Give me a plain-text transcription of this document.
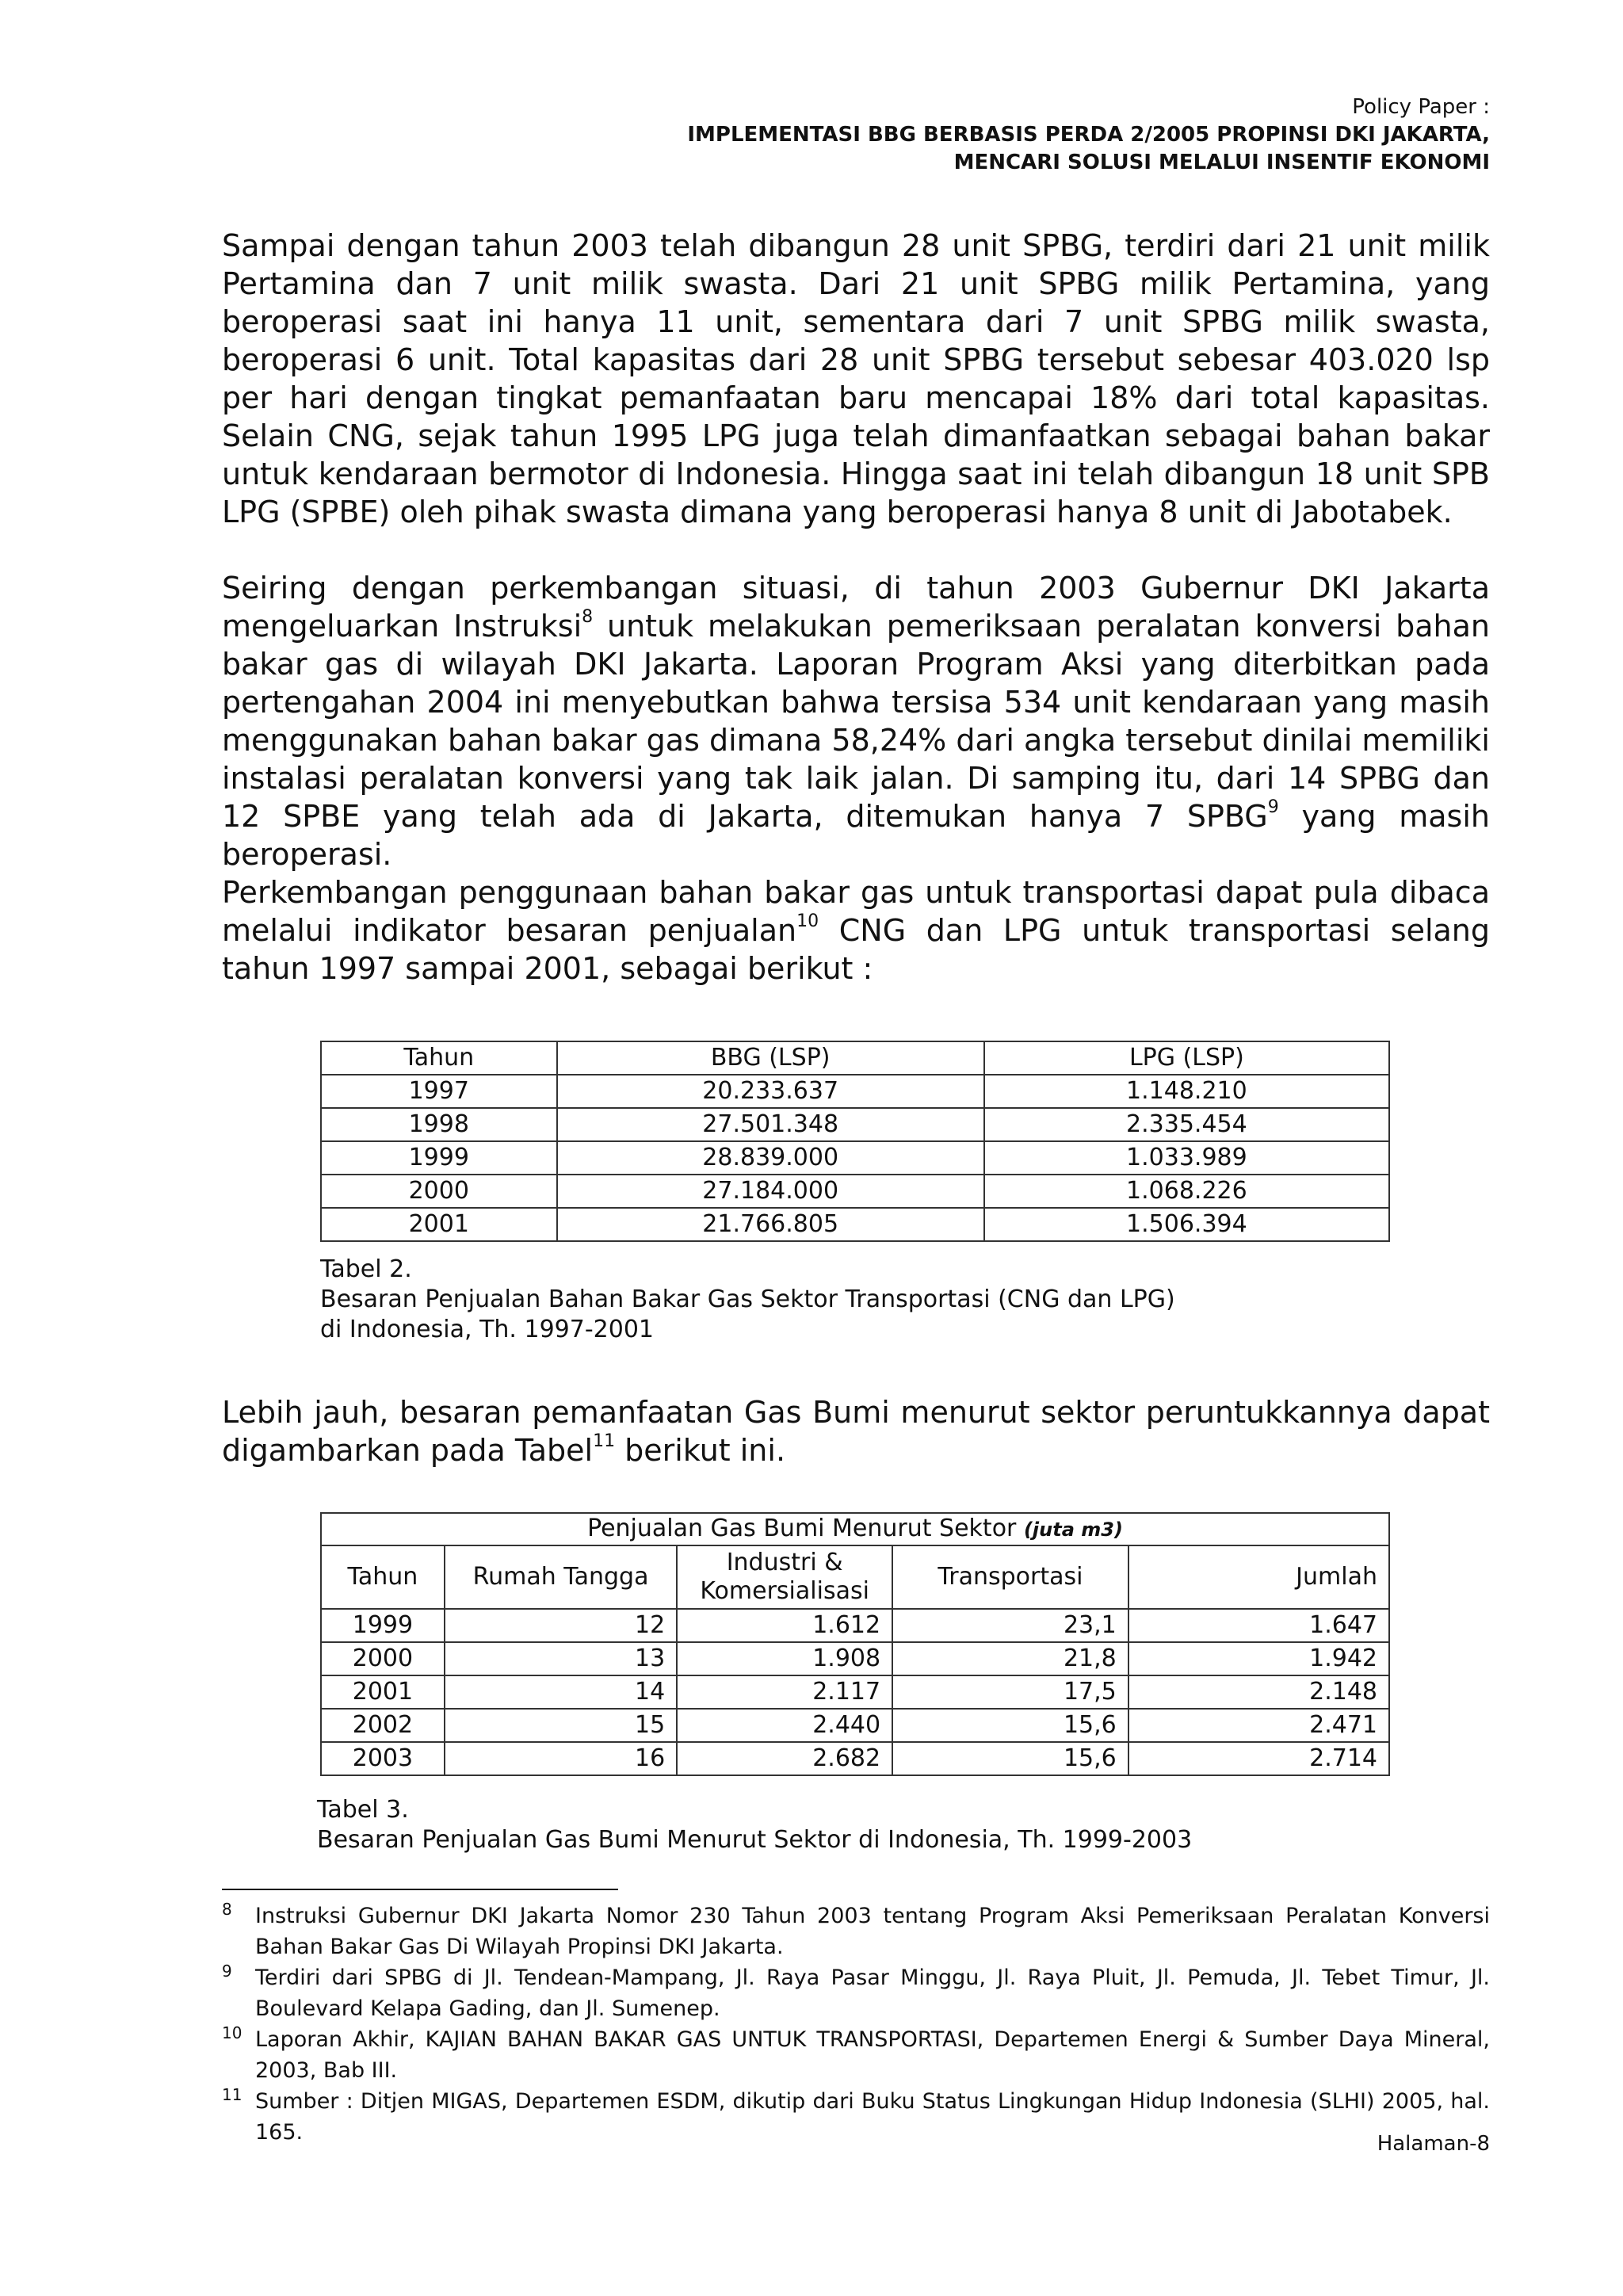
Policy Paper :
IMPLEMENTASI BBG BERBASIS PERDA 2/2005 PROPINSI DKI JAKARTA,
MENCARI SOLUSI MELALUI INSENTIF EKONOMI

Sampai dengan tahun 2003 telah dibangun 28 unit SPBG, terdiri dari 21 unit milik Pertamina dan 7 unit milik swasta. Dari 21 unit SPBG milik Pertamina, yang beroperasi saat ini hanya 11 unit, sementara dari 7 unit SPBG milik swasta, beroperasi 6 unit. Total kapasitas dari 28 unit SPBG tersebut sebesar 403.020 lsp per hari dengan tingkat pemanfaatan baru mencapai 18% dari total kapasitas. Selain CNG, sejak tahun 1995 LPG juga telah dimanfaatkan sebagai bahan bakar untuk kendaraan bermotor di Indonesia. Hingga saat ini telah dibangun 18 unit SPB LPG (SPBE) oleh pihak swasta dimana yang beroperasi hanya 8 unit di Jabotabek.

Seiring dengan perkembangan situasi, di tahun 2003 Gubernur DKI Jakarta mengeluarkan Instruksi$^8$ untuk melakukan pemeriksaan peralatan konversi bahan bakar gas di wilayah DKI Jakarta. Laporan Program Aksi yang diterbitkan pada pertengahan 2004 ini menyebutkan bahwa tersisa 534 unit kendaraan yang masih menggunakan bahan bakar gas dimana 58,24% dari angka tersebut dinilai memiliki instalasi peralatan konversi yang tak laik jalan. Di samping itu, dari 14 SPBG dan 12 SPBE yang telah ada di Jakarta, ditemukan hanya 7 SPBG$^9$ yang masih beroperasi.

Perkembangan penggunaan bahan bakar gas untuk transportasi dapat pula dibaca melalui indikator besaran penjualan$^{10}$ CNG dan LPG untuk transportasi selang tahun 1997 sampai 2001, sebagai berikut :

Tahun	BBG (LSP)	LPG (LSP)
1997	20.233.637	1.148.210
1998	27.501.348	2.335.454
1999	28.839.000	1.033.989
2000	27.184.000	1.068.226
2001	21.766.805	1.506.394
Tabel 2.
Besaran Penjualan Bahan Bakar Gas Sektor Transportasi (CNG dan LPG)
di Indonesia, Th. 1997-2001

Lebih jauh, besaran pemanfaatan Gas Bumi menurut sektor peruntukkannya dapat digambarkan pada Tabel$^{11}$ berikut ini.

Penjualan Gas Bumi Menurut Sektor (juta m3)				
Tahun	Rumah Tangga	Industri & Komersialisasi	Transportasi	Jumlah
1999	12	1.612	23,1	1.647
2000	13	1.908	21,8	1.942
2001	14	2.117	17,5	2.148
2002	15	2.440	15,6	2.471
2003	16	2.682	15,6	2.714
Tabel 3.
Besaran Penjualan Gas Bumi Menurut Sektor di Indonesia, Th. 1999-2003
8 Instruksi Gubernur DKI Jakarta Nomor 230 Tahun 2003 tentang Program Aksi Pemeriksaan Peralatan Konversi Bahan Bakar Gas Di Wilayah Propinsi DKI Jakarta.
9 Terdiri dari SPBG di Jl. Tendean-Mampang, Jl. Raya Pasar Minggu, Jl. Raya Pluit, Jl. Pemuda, Jl. Tebet Timur, Jl. Boulevard Kelapa Gading, dan Jl. Sumenep.
10 Laporan Akhir, KAJIAN BAHAN BAKAR GAS UNTUK TRANSPORTASI, Departemen Energi & Sumber Daya Mineral, 2003, Bab III.
11 Sumber : Ditjen MIGAS, Departemen ESDM, dikutip dari Buku Status Lingkungan Hidup Indonesia (SLHI) 2005, hal. 165.	Halaman-8
